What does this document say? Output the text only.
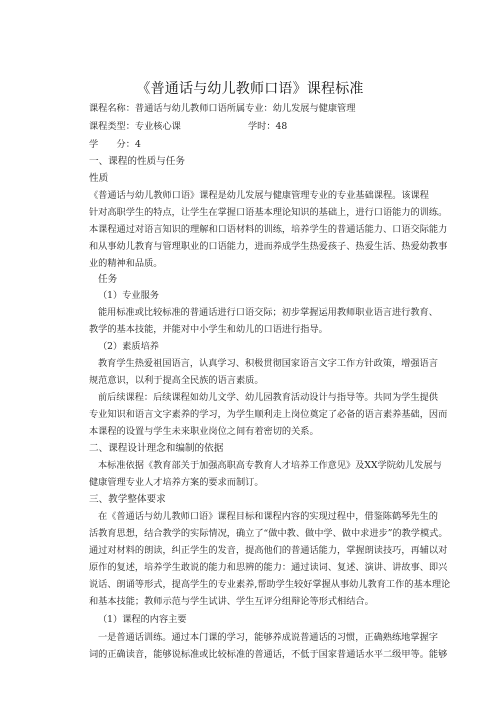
《普通话与幼儿教师口语》课程标准
课程名称：普通话与幼儿教师口语所属专业：幼儿发展与健康管理
课程类型：专业核心课	学时：48
学　　分：4
一、课程的性质与任务
性质
《普通话与幼儿教师口语》课程是幼儿发展与健康管理专业的专业基础课程。该课程
针对高职学生的特点，让学生在掌握口语基本理论知识的基础上，进行口语能力的训练。
本课程通过对语言知识的理解和口语材料的训练，培养学生的普通话能力、口语交际能力
和从事幼儿教育与管理职业的口语能力，进而养成学生热爱孩子、热爱生活、热爱幼教事
业的精神和品质。
任务
（1）专业服务
能用标准或比较标准的普通话进行口语交际；初步掌握运用教师职业语言进行教育、
教学的基本技能，并能对中小学生和幼儿的口语进行指导。
（2）素质培养
教育学生热爱祖国语言，认真学习、积极贯彻国家语言文字工作方针政策，增强语言
规范意识，以利于提高全民族的语言素质。
前后续课程：后续课程如幼儿文学、幼儿园教育活动设计与指导等。共同为学生提供
专业知识和语言文字素养的学习，为学生顺利走上岗位奠定了必备的语言素养基础，因而
本课程的设置与学生未来职业岗位之间有着密切的关系。
二、课程设计理念和编制的依据
本标准依据《教育部关于加强高职高专教育人才培养工作意见》及XX学院幼儿发展与
健康管理专业人才培养方案的要求而制订。
三、教学整体要求
在《普通话与幼儿教师口语》课程目标和课程内容的实现过程中，借鉴陈鹤琴先生的
活教育思想，结合教学的实际情况，确立了“做中教、做中学、做中求进步”的教学模式。
通过对材料的朗读，纠正学生的发音，提高他们的普通话能力，掌握朗读技巧，再辅以对
原作的复述，培养学生敢说的能力和思辨的能力：通过读词、复述、演讲、讲故事、即兴
说话、朗诵等形式，提高学生的专业素养,帮助学生较好掌握从事幼儿教育工作的基本理论
和基本技能；教师示范与学生试讲、学生互评分组辩论等形式相结合。
（1）课程的内容主要
一是普通话训练。通过本门课的学习，能够养成说普通话的习惯，正确熟练地掌握字
词的正确读音，能够说标准或比较标准的普通话，不低于国家普通话水平二级甲等。能够
